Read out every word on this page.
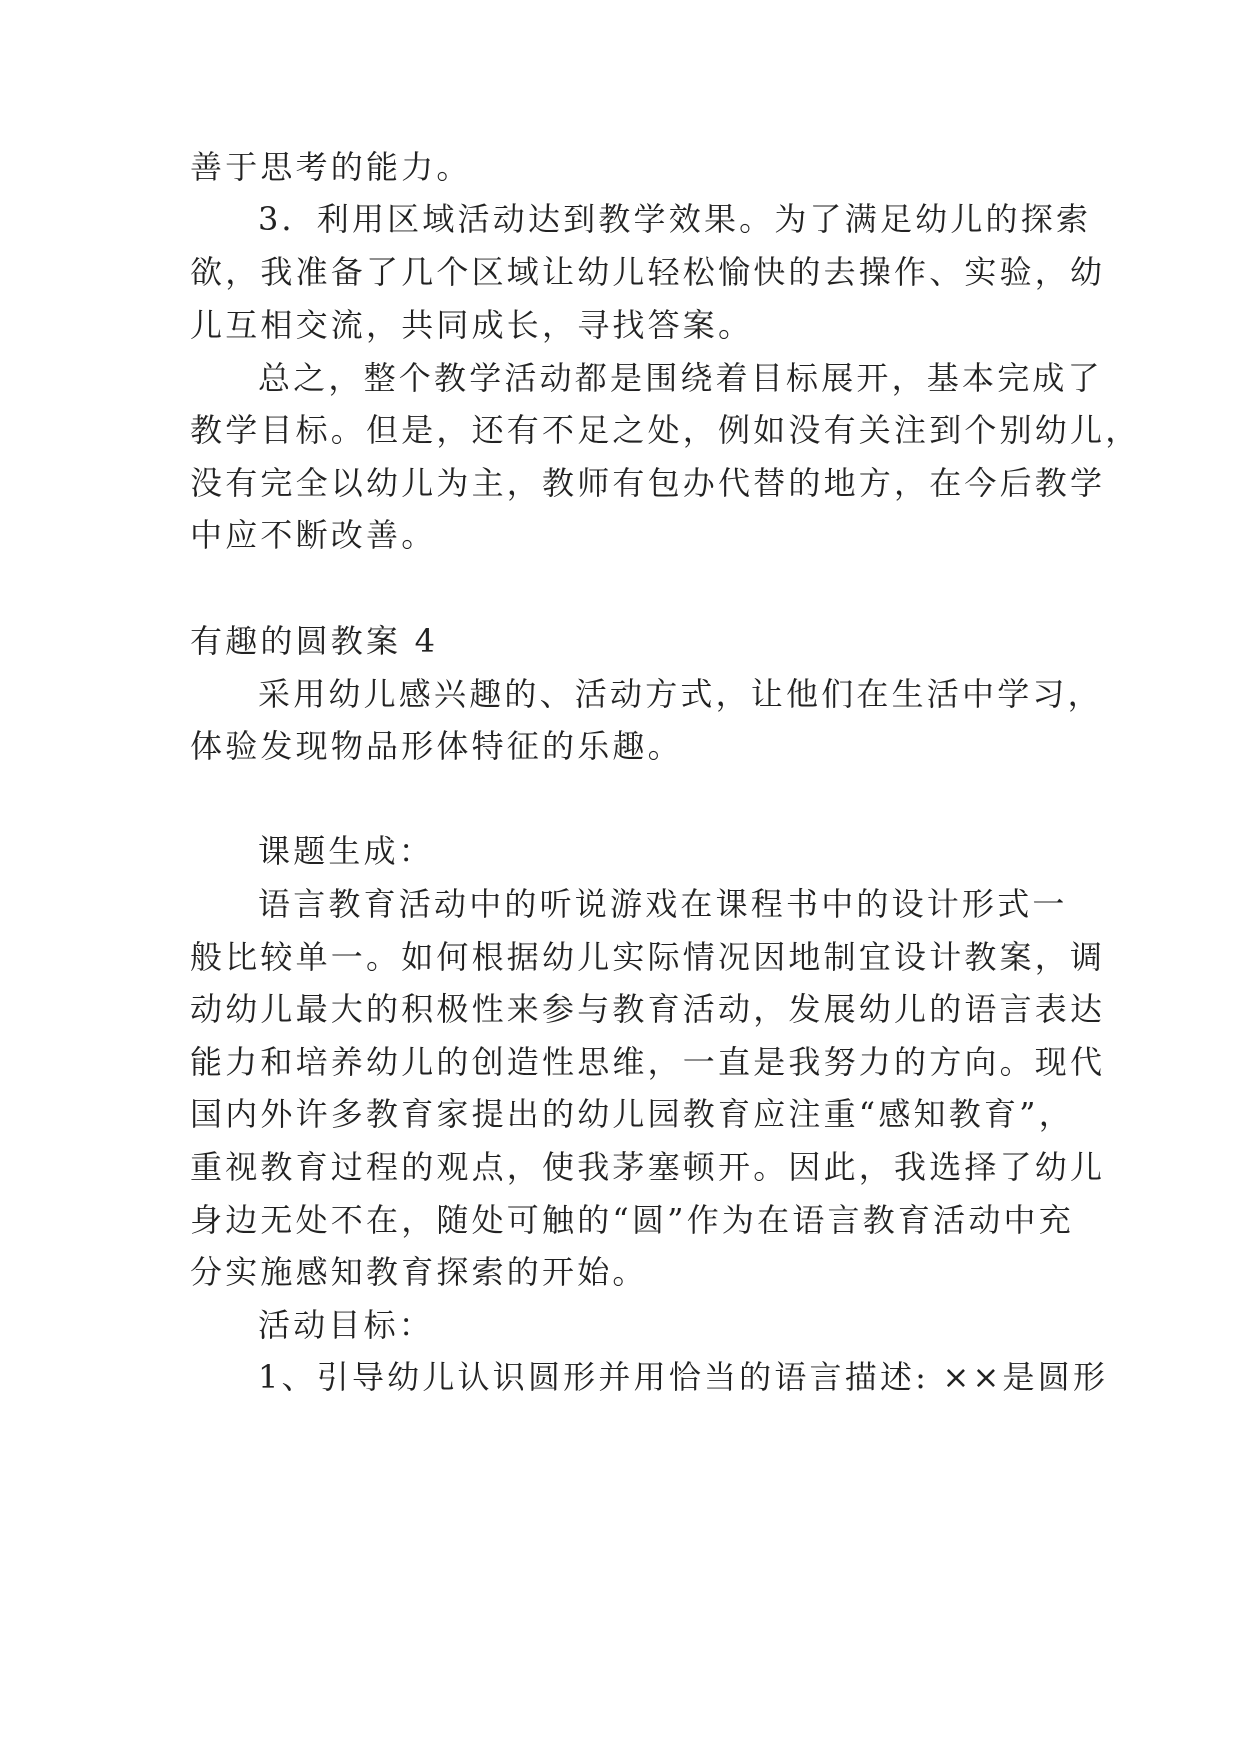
善于思考的能力。
3．利用区域活动达到教学效果。为了满足幼儿的探索
欲，我准备了几个区域让幼儿轻松愉快的去操作、实验，幼
儿互相交流，共同成长，寻找答案。
总之，整个教学活动都是围绕着目标展开，基本完成了
教学目标。但是，还有不足之处，例如没有关注到个别幼儿，
没有完全以幼儿为主，教师有包办代替的地方，在今后教学
中应不断改善。
有趣的圆教案 4
采用幼儿感兴趣的、活动方式，让他们在生活中学习，
体验发现物品形体特征的乐趣。
课题生成：
语言教育活动中的听说游戏在课程书中的设计形式一
般比较单一。如何根据幼儿实际情况因地制宜设计教案，调
动幼儿最大的积极性来参与教育活动，发展幼儿的语言表达
能力和培养幼儿的创造性思维，一直是我努力的方向。现代
国内外许多教育家提出的幼儿园教育应注重“感知教育”，
重视教育过程的观点，使我茅塞顿开。因此，我选择了幼儿
身边无处不在，随处可触的“圆”作为在语言教育活动中充
分实施感知教育探索的开始。
活动目标：
1、引导幼儿认识圆形并用恰当的语言描述: ××是圆形
